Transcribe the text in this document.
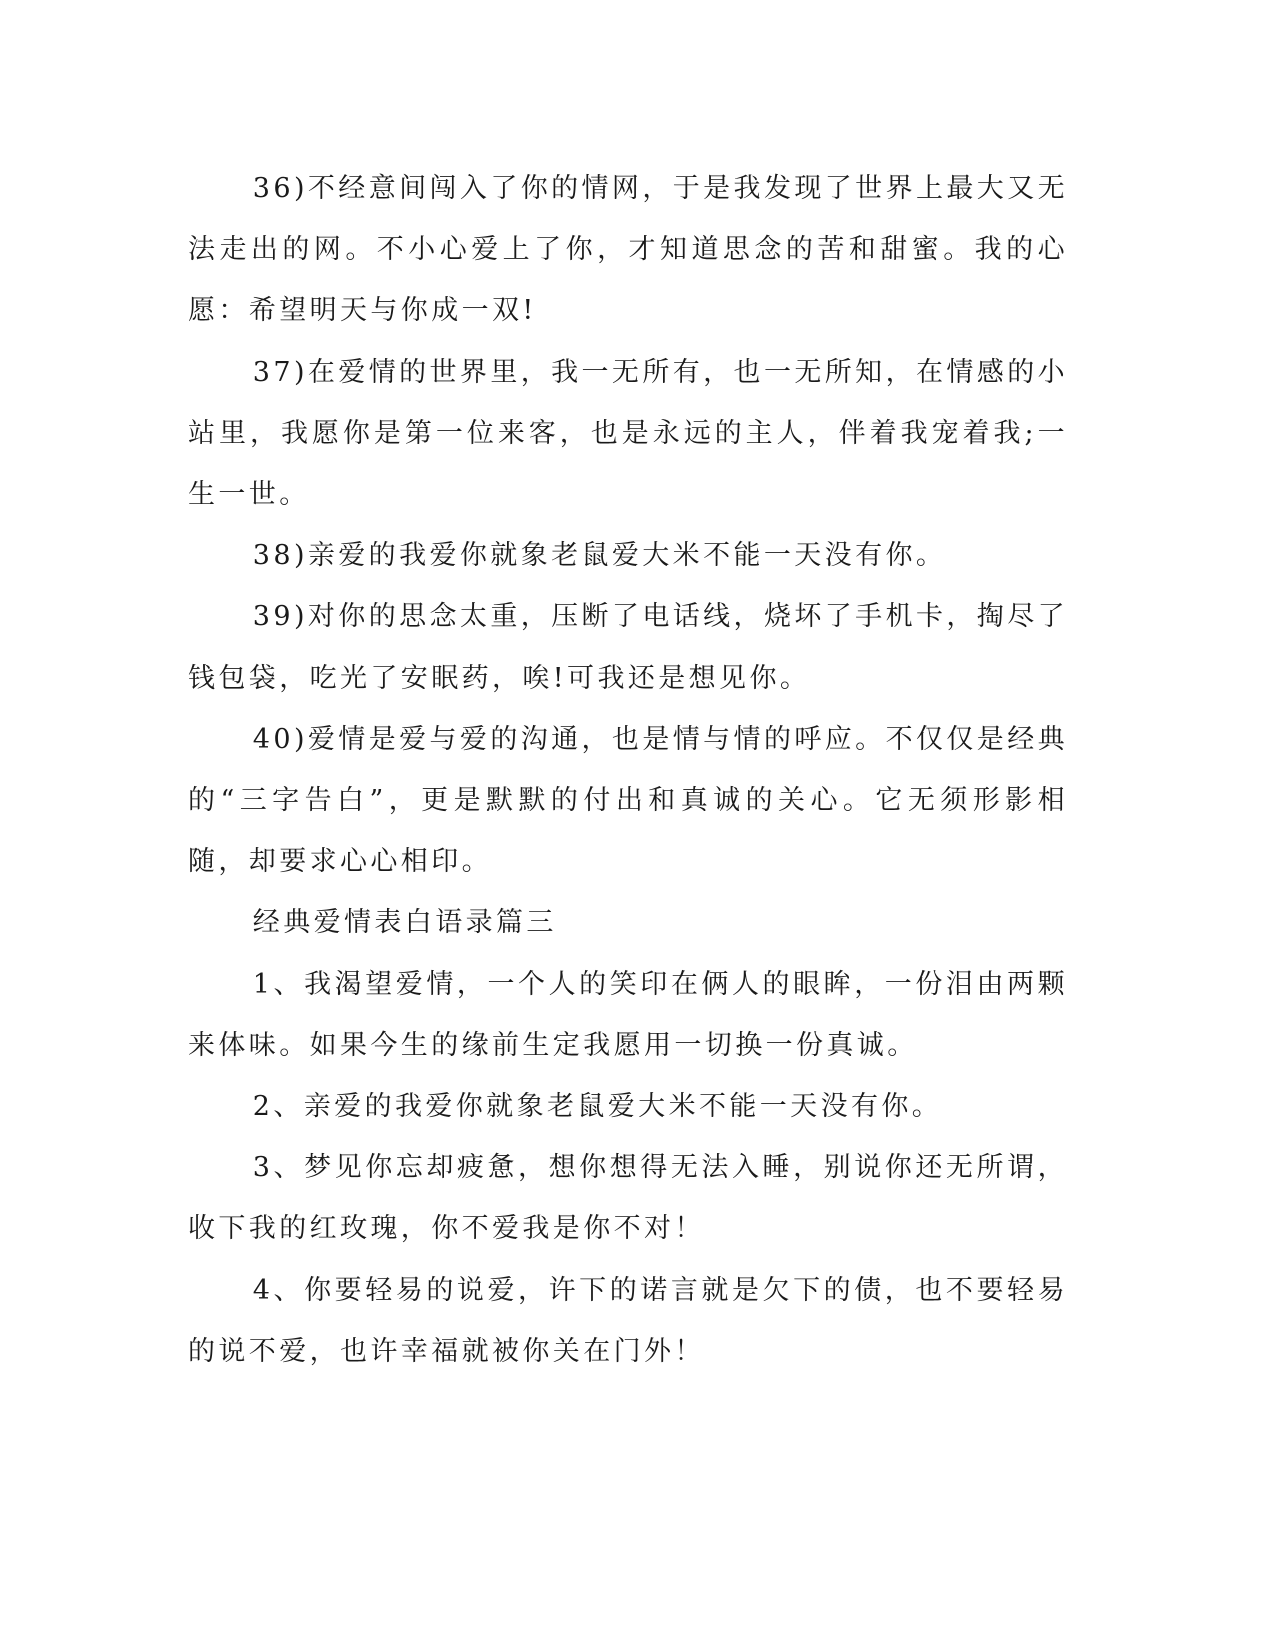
36)不经意间闯入了你的情网，于是我发现了世界上最大又无法走出的网。不小心爱上了你，才知道思念的苦和甜蜜。我的心愿：希望明天与你成一双!

37)在爱情的世界里，我一无所有，也一无所知，在情感的小站里，我愿你是第一位来客，也是永远的主人，伴着我宠着我;一生一世。

38)亲爱的我爱你就象老鼠爱大米不能一天没有你。

39)对你的思念太重，压断了电话线，烧坏了手机卡，掏尽了钱包袋，吃光了安眠药，唉!可我还是想见你。

40)爱情是爱与爱的沟通，也是情与情的呼应。不仅仅是经典的“三字告白”，更是默默的付出和真诚的关心。它无须形影相随，却要求心心相印。

经典爱情表白语录篇三

1、我渴望爱情，一个人的笑印在俩人的眼眸，一份泪由两颗来体味。如果今生的缘前生定我愿用一切换一份真诚。

2、亲爱的我爱你就象老鼠爱大米不能一天没有你。

3、梦见你忘却疲惫，想你想得无法入睡，别说你还无所谓，收下我的红玫瑰，你不爱我是你不对！

4、你要轻易的说爱，许下的诺言就是欠下的债，也不要轻易的说不爱，也许幸福就被你关在门外！
